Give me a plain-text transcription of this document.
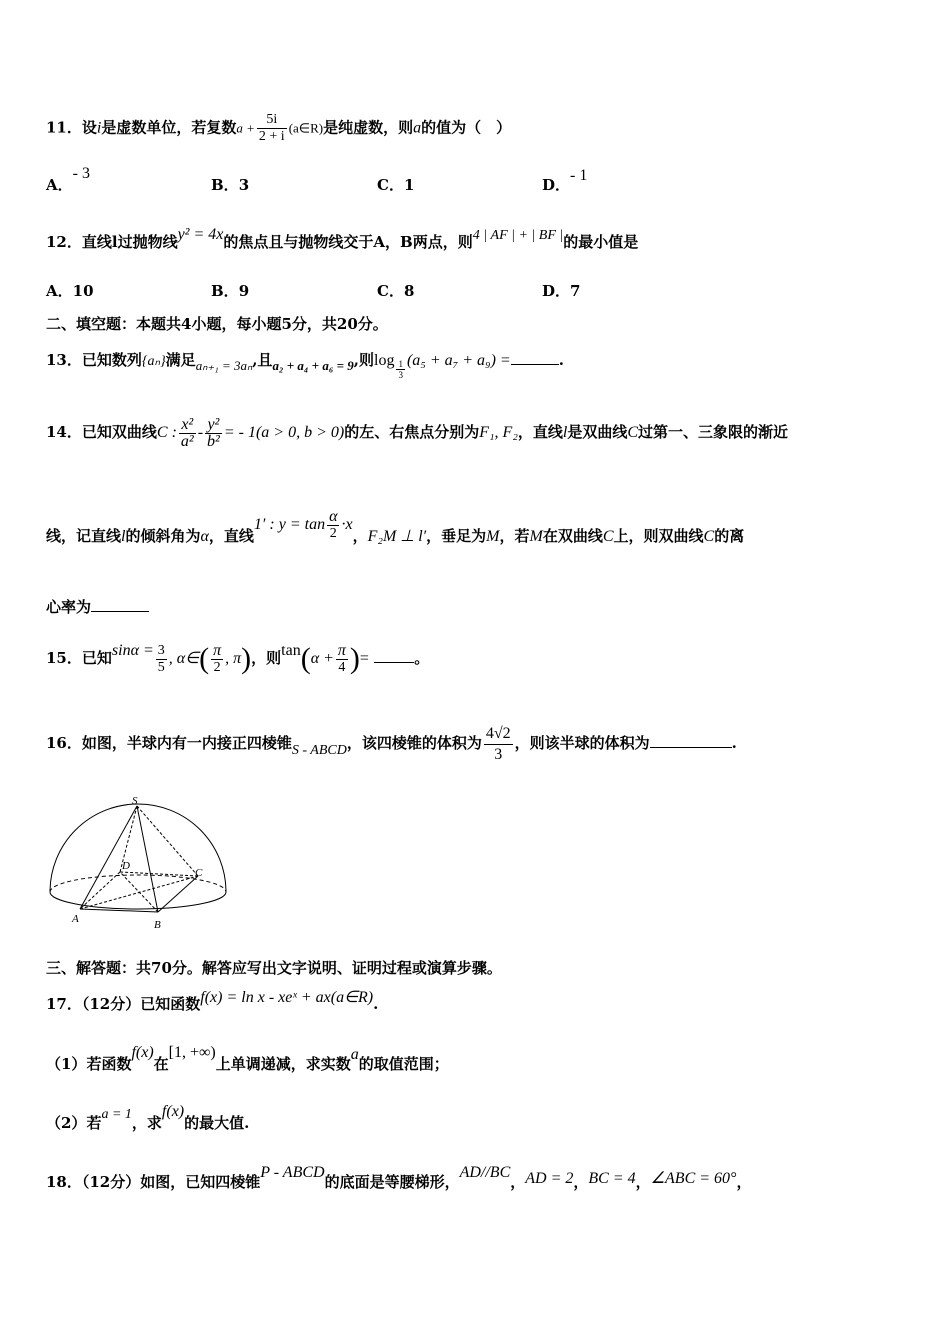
11．设i是虚数单位，若复数$a + \frac{5i}{2 + i}$ (a∈R)是纯虚数，则a的值为（　）
A．- 3
B．3	C．1	D．- 1
12．直线l过抛物线y² = 4x的焦点且与抛物线交于A，B两点，则4 | AF | + | BF |的最小值是
A．10	B．9	C．8	D．7
二、填空题：本题共4小题，每小题5分，共20分。
13．已知数列{aₙ}满足aₙ₊₁ = 3aₙ,且a₂ + a₄ + a₆ = 9,则$\log \frac{1}{3} (a_5 + a_7 + a_9)$ =	.
14．已知双曲线C : $\frac{\text{x²}}{\text{a²}} - \frac{\text{y²}}{\text{b²}}$ = - 1(a > 0, b > 0)的左、右焦点分别为F₁, F₂，直线l是双曲线C过第一、三象限的渐近
线，记直线l的倾斜角为α，直线1′ : $y = \tan \frac{\alpha}{2} \cdot x$，F₂M ⊥ l′，垂足为M，若M在双曲线C上，则双曲线C的离
心率为
15．已知$\sin\alpha = \frac{3}{5}$ , α∈( $\frac{\pi}{2}$ , π)，则$\tan(\alpha + \frac{\pi}{4}$ )=	。
16．如图，半球内有一内接正四棱锥S - ABCD，该四棱锥的体积为 $\frac{4√2}{3}$ ，则该半球的体积为	.
S
D
C
A	B
三、解答题：共70分。解答应写出文字说明、证明过程或演算步骤。
17．（12分）已知函数f(x) = ln x - xeˣ + ax(a∈R).
（1）若函数f(x)在[1, +∞)上单调递减，求实数a的取值范围；
（2）若a = 1，求f(x)的最大值.
18．（12分）如图，已知四棱锥P - ABCD的底面是等腰梯形，AD//BC，AD = 2，BC = 4，∠ABC = 60°，
